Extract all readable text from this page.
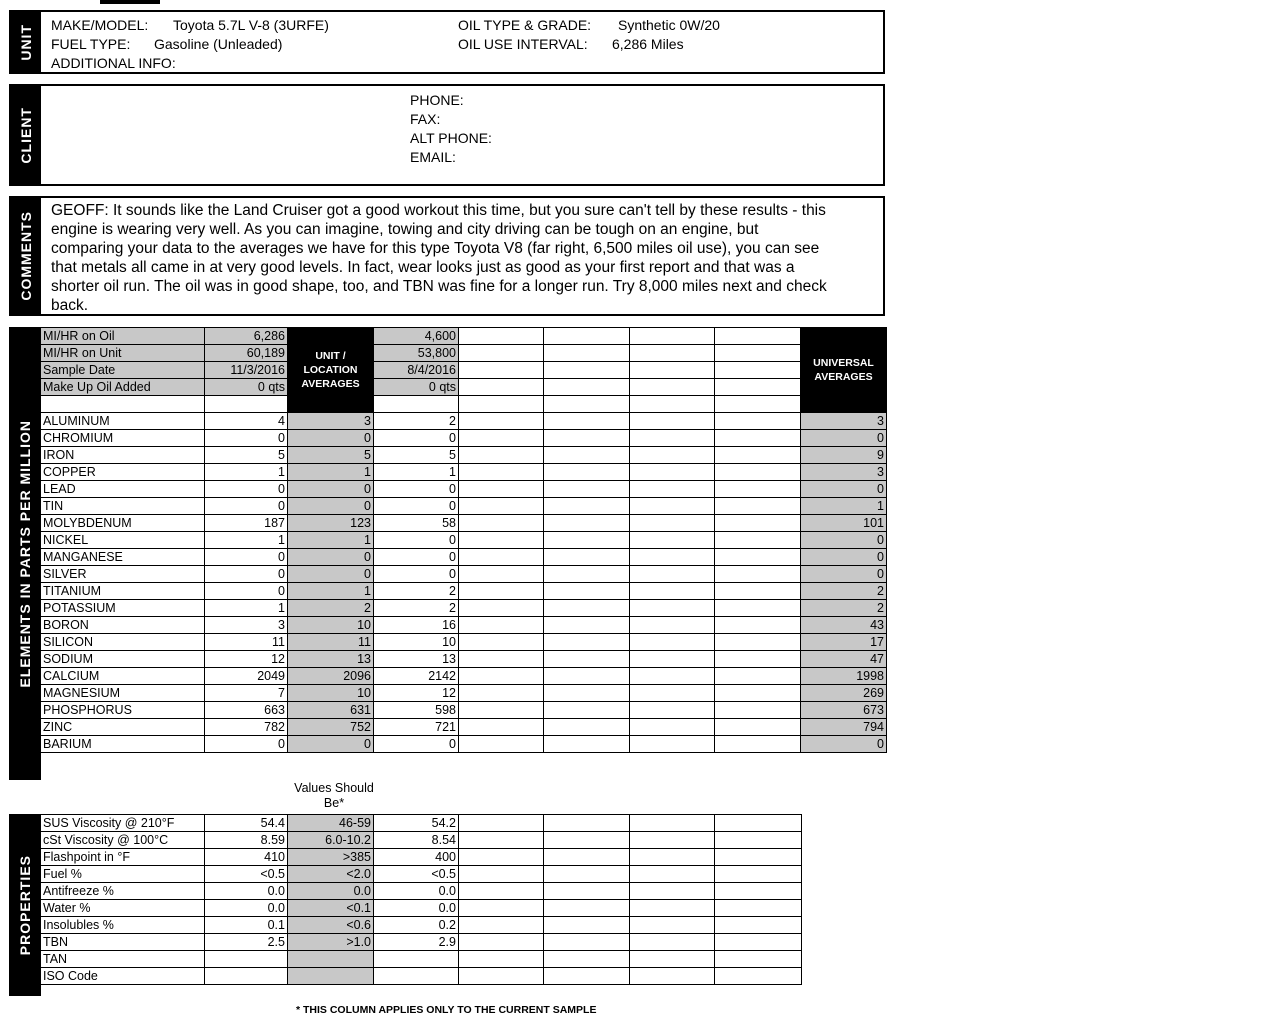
UNIT MAKE/MODEL: Toyota 5.7L V-8 (3URFE)
FUEL TYPE: Gasoline (Unleaded)
ADDITIONAL INFO:
OIL TYPE & GRADE: Synthetic 0W/20
OIL USE INTERVAL: 6,286 Miles
CLIENT
PHONE:
FAX:
ALT PHONE:
EMAIL:
COMMENTS
GEOFF: It sounds like the Land Cruiser got a good workout this time, but you sure can't tell by these results - this engine is wearing very well. As you can imagine, towing and city driving can be tough on an engine, but comparing your data to the averages we have for this type Toyota V8 (far right, 6,500 miles oil use), you can see that metals all came in at very good levels. In fact, wear looks just as good as your first report and that was a shorter oil run. The oil was in good shape, too, and TBN was fine for a longer run. Try 8,000 miles next and check back.
ELEMENTS IN PARTS PER MILLION
MI/HR on Oil	6,286	UNIT / LOCATION AVERAGES	4,600					UNIVERSAL AVERAGES
MI/HR on Unit	60,189		53,800					
Sample Date	11/3/2016		8/4/2016					
Make Up Oil Added	0 qts		0 qts					

ALUMINUM	4	3	2					3
CHROMIUM	0	0	0					0
IRON	5	5	5					9
COPPER	1	1	1					3
LEAD	0	0	0					0
TIN	0	0	0					1
MOLYBDENUM	187	123	58					101
NICKEL	1	1	0					0
MANGANESE	0	0	0					0
SILVER	0	0	0					0
TITANIUM	0	1	2					2
POTASSIUM	1	2	2					2
BORON	3	10	16					43
SILICON	11	11	10					17
SODIUM	12	13	13					47
CALCIUM	2049	2096	2142					1998
MAGNESIUM	7	10	12					269
PHOSPHORUS	663	631	598					673
ZINC	782	752	721					794
BARIUM	0	0	0					0
Values Should Be*
PROPERTIES
SUS Viscosity @ 210°F	54.4	46-59	54.2				
cSt Viscosity @ 100°C	8.59	6.0-10.2	8.54				
Flashpoint in °F	410	>385	400				
Fuel %	<0.5	<2.0	<0.5				
Antifreeze %	0.0	0.0	0.0				
Water %	0.0	<0.1	0.0				
Insolubles %	0.1	<0.6	0.2				
TBN	2.5	>1.0	2.9				
TAN							
ISO Code							
* THIS COLUMN APPLIES ONLY TO THE CURRENT SAMPLE
